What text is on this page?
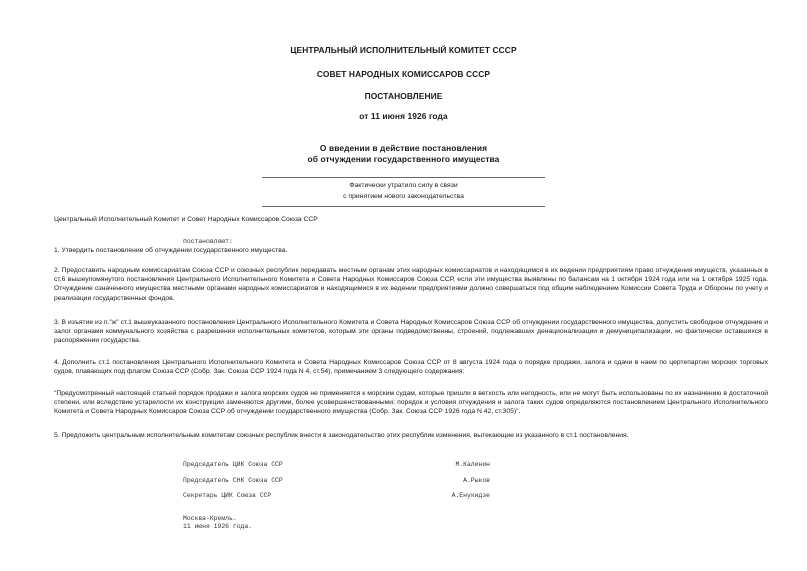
ЦЕНТРАЛЬНЫЙ ИСПОЛНИТЕЛЬНЫЙ КОМИТЕТ СССР
СОВЕТ НАРОДНЫХ КОМИССАРОВ СССР
ПОСТАНОВЛЕНИЕ
от 11 июня 1926 года
О введении в действие постановления
об отчуждении государственного имущества
Фактически утратило силу в связи
с принятием нового законодательства
Центральный Исполнительный Комитет и Совет Народных Комиссаров Союза ССР
постановляют:
1. Утвердить постановление об отчуждении государственного имущества.
2. Предоставить народным комиссариатам Союза ССР и союзных республик передавать местным органам этих народных комиссариатов и находящимся в их ведении предприятиям право отчуждения имуществ, указанных в ст.6 вышеупомянутого постановления Центрального Исполнительного Комитета и Совета Народных Комиссаров Союза ССР, если эти имущества выявлены по балансам на 1 октября 1924 года или на 1 октября 1925 года. Отчуждение означенного имущества местными органами народных комиссариатов и находящимися в их ведении предприятиями должно совершаться под общим наблюдением Комиссии Совета Труда и Обороны по учету и реализации государственных фондов.
3. В изъятие из п."ж" ст.1 вышеуказанного постановления Центрального Исполнительного Комитета и Совета Народных Комиссаров Союза ССР об отчуждении государственного имущества, допустить свободное отчуждение и залог органами коммунального хозяйства с разрешения исполнительных комитетов, которым эти органы подведомственны, строений, подлежавших денационализации и демуниципализации, но фактически оставшихся в распоряжении государства.
4. Дополнить ст.1 постановления Центрального Исполнительного Комитета и Совета Народных Комиссаров Союза ССР от 8 августа 1924 года о порядке продажи, залога и сдачи в наем по цертепартии морских торговых судов, плавающих под флагом Союза ССР (Собр. Зак. Союза ССР 1924 года N 4, ст.54), примечанием 3 следующего содержания:
"Предусмотренный настоящей статьей порядок продажи и залога морских судов не применяется к морским судам, которые пришли в ветхость или негодность, или не могут быть использованы по их назначению в достаточной степени, или вследствие устарелости их конструкции заменяются другими, более усовершенствованными; порядок и условия отчуждения и залога таких судов определяются постановлением Центрального Исполнительного Комитета и Совета Народных Комиссаров Союза ССР об отчуждении государственного имущества (Собр. Зак. Союза ССР 1926 года N 42, ст.305)".
5. Предложить центральным исполнительным комитетам союзных республик внести в законодательство этих республик изменения, вытекающие из указанного в ст.1 постановления.
Председатель ЦИК Союза ССР	М.Калинин
Председатель СНК Союза ССР	А.Рыков
Секретарь ЦИК Союза ССР	А.Енукидзе
Москва-Кремль.
11 июня 1926 года.
